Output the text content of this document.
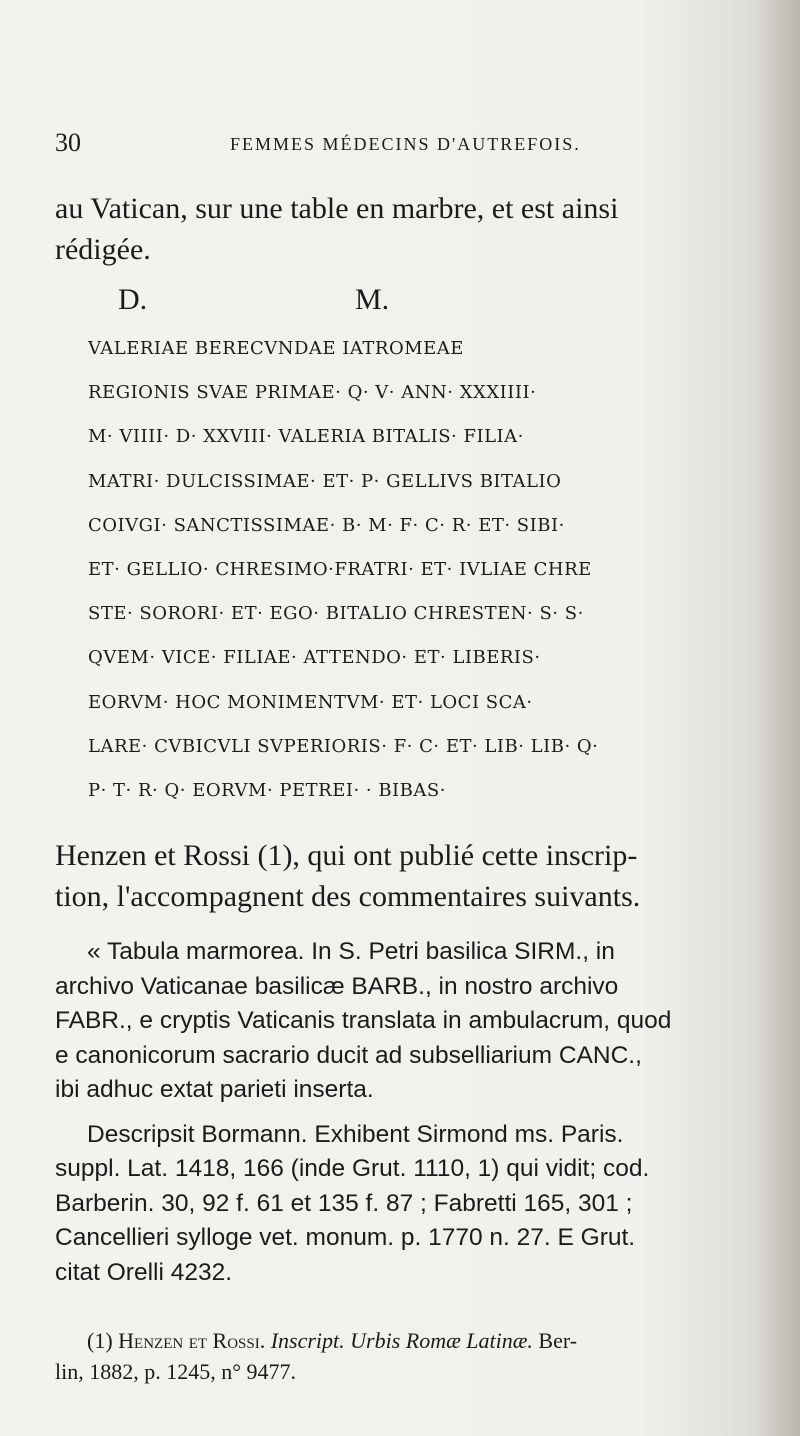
30	FEMMES MÉDECINS D'AUTREFOIS.

au Vatican, sur une table en marbre, et est ainsi

rédigée.

D.	M.
VALERIAE BERECVNDAE IATROMEAE
REGIONIS SVAE PRIMAE· Q· V· ANN· XXXIIII·
M· VIIII· D· XXVIII· VALERIA BITALIS· FILIA·
MATRI· DULCISSIMAE· ET· P· GELLIVS BITALIO
COIVGI· SANCTISSIMAE· B· M· F· C· R· ET· SIBI·
ET· GELLIO· CHRESIMO·FRATRI· ET· IVLIAE CHRE
STE· SORORI· ET· EGO· BITALIO CHRESTEN· S· S·
QVEM· VICE· FILIAE· ATTENDO· ET· LIBERIS·
EORVM· HOC MONIMENTVM· ET· LOCI SCA·
LARE· CVBICVLI SVPERIORIS· F· C· ET· LIB· LIB· Q·
P· T· R· Q· EORVM· PETREI· · BIBAS·

Henzen et Rossi (1), qui ont publié cette inscrip-

tion, l'accompagnent des commentaires suivants.

« Tabula marmorea. In S. Petri basilica SIRM., in
archivo Vaticanae basilicæ BARB., in nostro archivo
FABR., e cryptis Vaticanis translata in ambulacrum, quod
e canonicorum sacrario ducit ad subselliarium CANC.,
ibi adhuc extat parieti inserta.
Descripsit Bormann. Exhibent Sirmond ms. Paris.
suppl. Lat. 1418, 166 (inde Grut. 1110, 1) qui vidit; cod.
Barberin. 30, 92 f. 61 et 135 f. 87 ; Fabretti 165, 301 ;
Cancellieri sylloge vet. monum. p. 1770 n. 27. E Grut.
citat Orelli 4232.
(1) Henzen et Rossi. Inscript. Urbis Romæ Latinæ. Ber-
lin, 1882, p. 1245, n° 9477.
